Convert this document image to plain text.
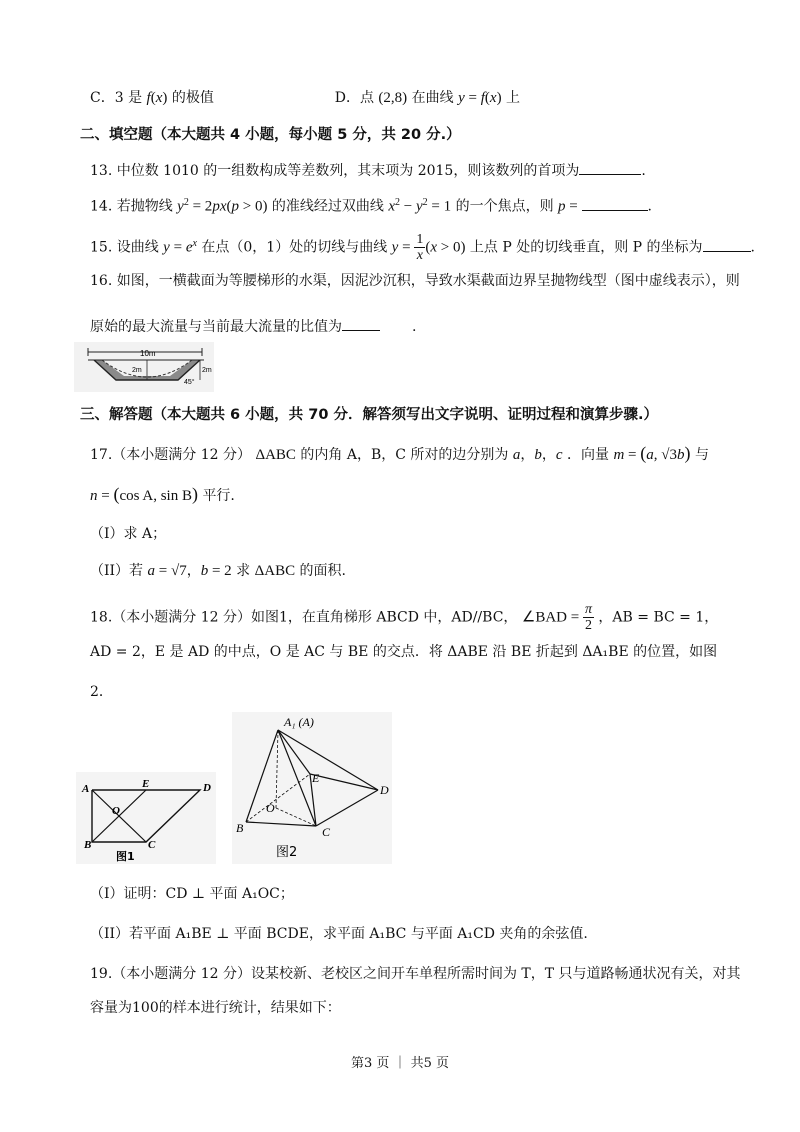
C．3 是 f(x) 的极值	D．点 (2,8) 在曲线 y = f(x) 上
二、填空题（本大题共 4 小题，每小题 5 分，共 20 分.）
13. 中位数 1010 的一组数构成等差数列，其末项为 2015，则该数列的首项为	.
14. 若抛物线 $y^2 = 2px(p > 0)$ 的准线经过双曲线 $x^2 - y^2 = 1$ 的一个焦点，则 p =	.
15. 设曲线 $y = e^x$ 在点（0，1）处的切线与曲线 $y = \frac{1}{x} (x > 0)$ 上点 P 处的切线垂直，则 P 的坐标为	.
16. 如图，一横截面为等腰梯形的水渠，因泥沙沉积，导致水渠截面边界呈抛物线型（图中虚线表示），则
原始的最大流量与当前最大流量的比值为	.
10m
2m	2m
45°
三、解答题（本大题共 6 小题，共 70 分．解答须写出文字说明、证明过程和演算步骤.）
17.（本小题满分 12 分） ΔABC 的内角 A，B，C 所对的边分别为 a，b，c ．向量 m = (a, √3b) 与
n = (cos A, sin B) 平行.
（I）求 A；
（II）若 a = √7，b = 2 求 ΔABC 的面积.
18.（本小题满分 12 分）如图1，在直角梯形 ABCD 中，AD//BC， ∠BAD = $\frac{\pi}{2}$ ，AB = BC = 1，
AD = 2，E 是 AD 的中点，O 是 AC 与 BE 的交点．将 ΔABE 沿 BE 折起到 ΔA₁BE 的位置，如图
2．
A	E	D
O
B	C
图1
A₁ (A)
E
D
O
B	C
图2
（I）证明：CD ⊥ 平面 A₁OC；
（II）若平面 A₁BE ⊥ 平面 BCDE，求平面 A₁BC 与平面 A₁CD 夹角的余弦值.
19.（本小题满分 12 分）设某校新、老校区之间开车单程所需时间为 T，T 只与道路畅通状况有关，对其
容量为100的样本进行统计，结果如下：
第3 页 ｜ 共5 页
